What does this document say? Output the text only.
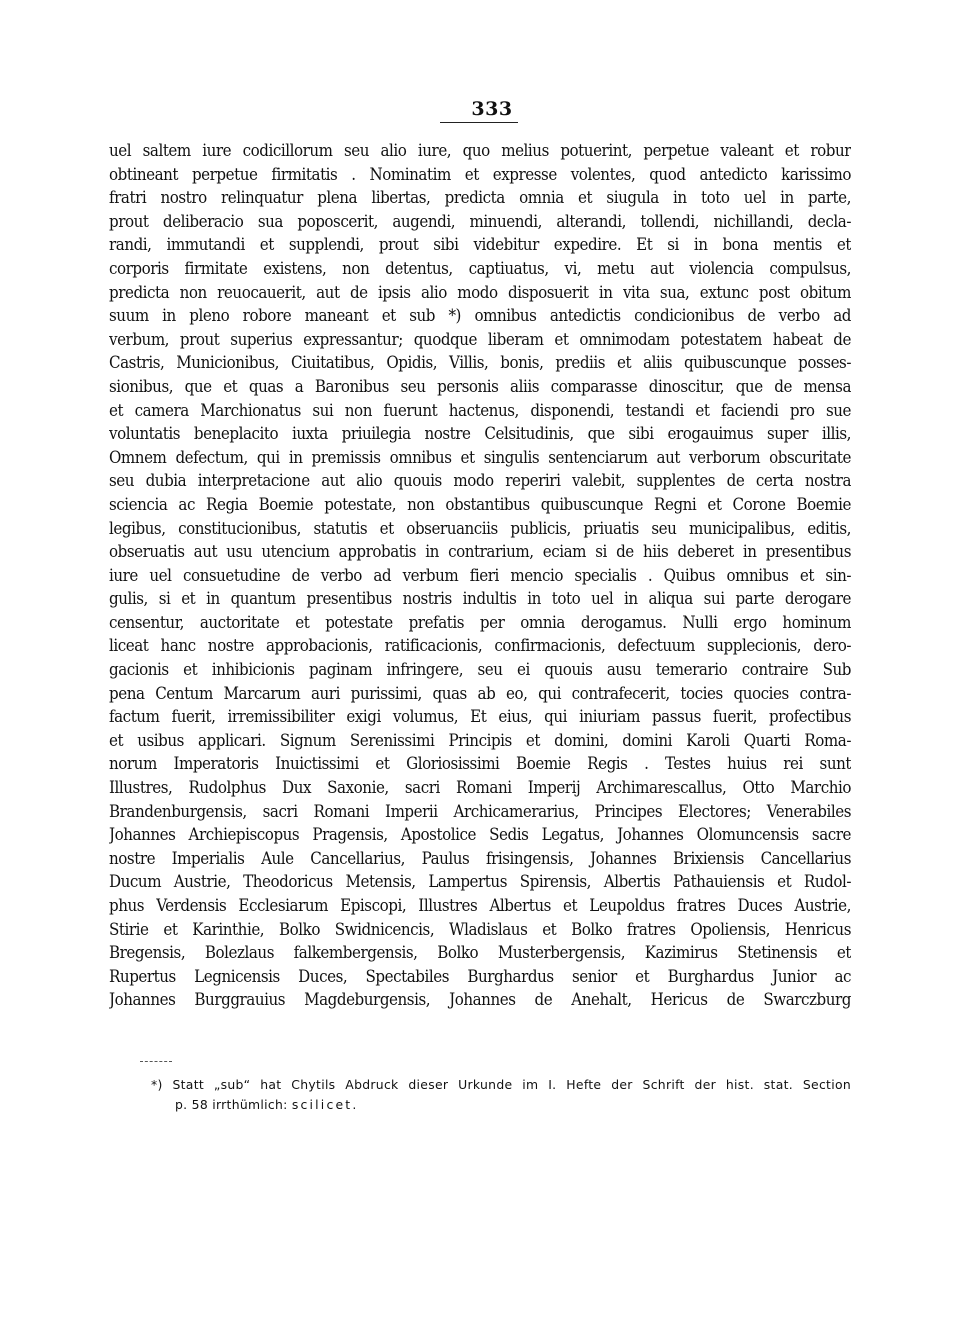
333
uel saltem iure codicillorum seu alio iure, quo melius potuerint, perpetue valeant et robur
obtineant perpetue firmitatis . Nominatim et expresse volentes, quod antedicto karissimo
fratri nostro relinquatur plena libertas, predicta omnia et siugula in toto uel in parte,
prout deliberacio sua poposcerit, augendi, minuendi, alterandi, tollendi, nichillandi, decla-
randi, immutandi et supplendi, prout sibi videbitur expedire. Et si in bona mentis et
corporis firmitate existens, non detentus, captiuatus, vi, metu aut violencia compulsus,
predicta non reuocauerit, aut de ipsis alio modo disposuerit in vita sua, extunc post obitum
suum in pleno robore maneant et sub *) omnibus antedictis condicionibus de verbo ad
verbum, prout superius expressantur; quodque liberam et omnimodam potestatem habeat de
Castris, Municionibus, Ciuitatibus, Opidis, Villis, bonis, prediis et aliis quibuscunque posses-
sionibus, que et quas a Baronibus seu personis aliis comparasse dinoscitur, que de mensa
et camera Marchionatus sui non fuerunt hactenus, disponendi, testandi et faciendi pro sue
voluntatis beneplacito iuxta priuilegia nostre Celsitudinis, que sibi erogauimus super illis,
Omnem defectum, qui in premissis omnibus et singulis sentenciarum aut verborum obscuritate
seu dubia interpretacione aut alio quouis modo reperiri valebit, supplentes de certa nostra
sciencia ac Regia Boemie potestate, non obstantibus quibuscunque Regni et Corone Boemie
legibus, constitucionibus, statutis et obseruanciis publicis, priuatis seu municipalibus, editis,
obseruatis aut usu utencium approbatis in contrarium, eciam si de hiis deberet in presentibus
iure uel consuetudine de verbo ad verbum fieri mencio specialis . Quibus omnibus et sin-
gulis, si et in quantum presentibus nostris indultis in toto uel in aliqua sui parte derogare
censentur, auctoritate et potestate prefatis per omnia derogamus. Nulli ergo hominum
liceat hanc nostre approbacionis, ratificacionis, confirmacionis, defectuum supplecionis, dero-
gacionis et inhibicionis paginam infringere, seu ei quouis ausu temerario contraire Sub
pena Centum Marcarum auri purissimi, quas ab eo, qui contrafecerit, tocies quocies contra-
factum fuerit, irremissibiliter exigi volumus, Et eius, qui iniuriam passus fuerit, profectibus
et usibus applicari. Signum Serenissimi Principis et domini, domini Karoli Quarti Roma-
norum Imperatoris Inuictissimi et Gloriosissimi Boemie Regis . Testes huius rei sunt
Illustres, Rudolphus Dux Saxonie, sacri Romani Imperij Archimarescallus, Otto Marchio
Brandenburgensis, sacri Romani Imperii Archicamerarius, Principes Electores; Venerabiles
Johannes Archiepiscopus Pragensis, Apostolice Sedis Legatus, Johannes Olomuncensis sacre
nostre Imperialis Aule Cancellarius, Paulus frisingensis, Johannes Brixiensis Cancellarius
Ducum Austrie, Theodoricus Metensis, Lampertus Spirensis, Albertis Pathauiensis et Rudol-
phus Verdensis Ecclesiarum Episcopi, Illustres Albertus et Leupoldus fratres Duces Austrie,
Stirie et Karinthie, Bolko Swidnicencis, Wladislaus et Bolko fratres Opoliensis, Henricus
Bregensis, Bolezlaus falkembergensis, Bolko Musterbergensis, Kazimirus Stetinensis et
Rupertus Legnicensis Duces, Spectabiles Burghardus senior et Burghardus Junior ac
Johannes Burggrauius Magdeburgensis, Johannes de Anehalt, Hericus de Swarczburg
*) Statt „sub“ hat Chytils Abdruck dieser Urkunde im I. Hefte der Schrift der hist. stat. Section
p. 58 irrthümlich: scilicet.
